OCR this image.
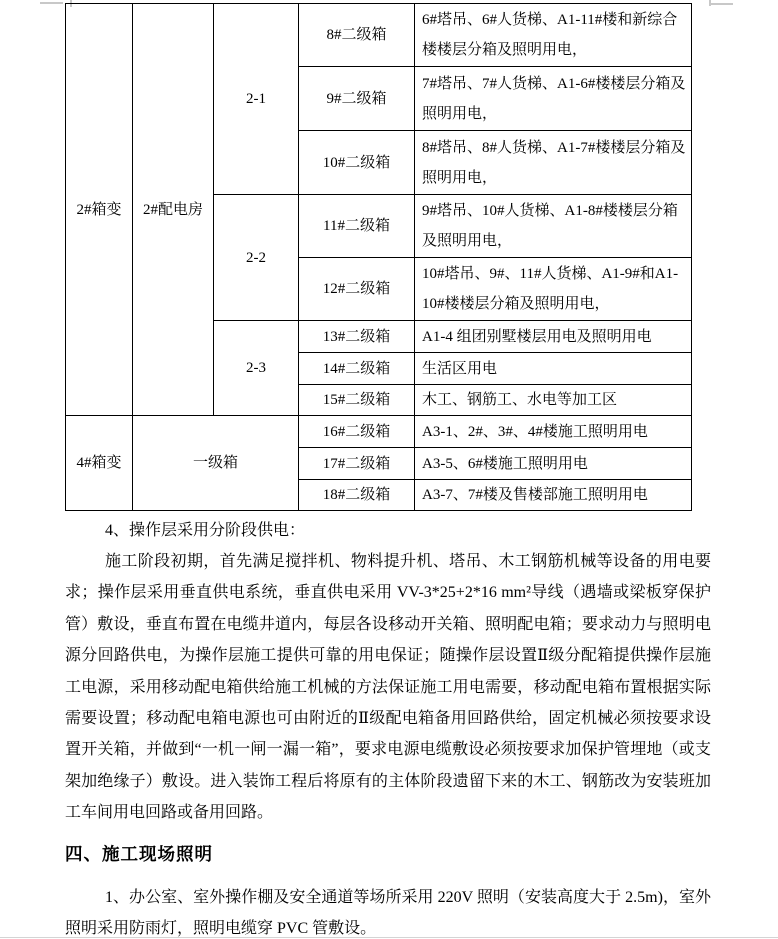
2#箱变	2#配电房	2-1	8#二级箱	6#塔吊、6#人货梯、A1-11#楼和新综合楼楼层分箱及照明用电，
			9#二级箱	7#塔吊、7#人货梯、A1-6#楼楼层分箱及照明用电，
			10#二级箱	8#塔吊、8#人货梯、A1-7#楼楼层分箱及照明用电，
		2-2	11#二级箱	9#塔吊、10#人货梯、A1-8#楼楼层分箱及照明用电，
			12#二级箱	10#塔吊、9#、11#人货梯、A1-9#和A1-10#楼楼层分箱及照明用电，
		2-3	13#二级箱	A1-4 组团别墅楼层用电及照明用电
			14#二级箱	生活区用电
			15#二级箱	木工、钢筋工、水电等加工区
4#箱变	一级箱		16#二级箱	A3-1、2#、3#、4#楼施工照明用电
			17#二级箱	A3-5、6#楼施工照明用电
			18#二级箱	A3-7、7#楼及售楼部施工照明用电
4、操作层采用分阶段供电：
施工阶段初期，首先满足搅拌机、物料提升机、塔吊、木工钢筋机械等设备的用电要求；操作层采用垂直供电系统，垂直供电采用 VV-3*25+2*16 mm²导线（遇墙或梁板穿保护管）敷设，垂直布置在电缆井道内，每层各设移动开关箱、照明配电箱；要求动力与照明电源分回路供电，为操作层施工提供可靠的用电保证；随操作层设置Ⅱ级分配箱提供操作层施工电源，采用移动配电箱供给施工机械的方法保证施工用电需要，移动配电箱布置根据实际需要设置；移动配电箱电源也可由附近的Ⅱ级配电箱备用回路供给，固定机械必须按要求设置开关箱，并做到“一机一闸一漏一箱”，要求电源电缆敷设必须按要求加保护管埋地（或支架加绝缘子）敷设。进入装饰工程后将原有的主体阶段遗留下来的木工、钢筋改为安装班加工车间用电回路或备用回路。
四、施工现场照明
1、办公室、室外操作棚及安全通道等场所采用 220V 照明（安装高度大于 2.5m)，室外照明采用防雨灯，照明电缆穿 PVC 管敷设。
